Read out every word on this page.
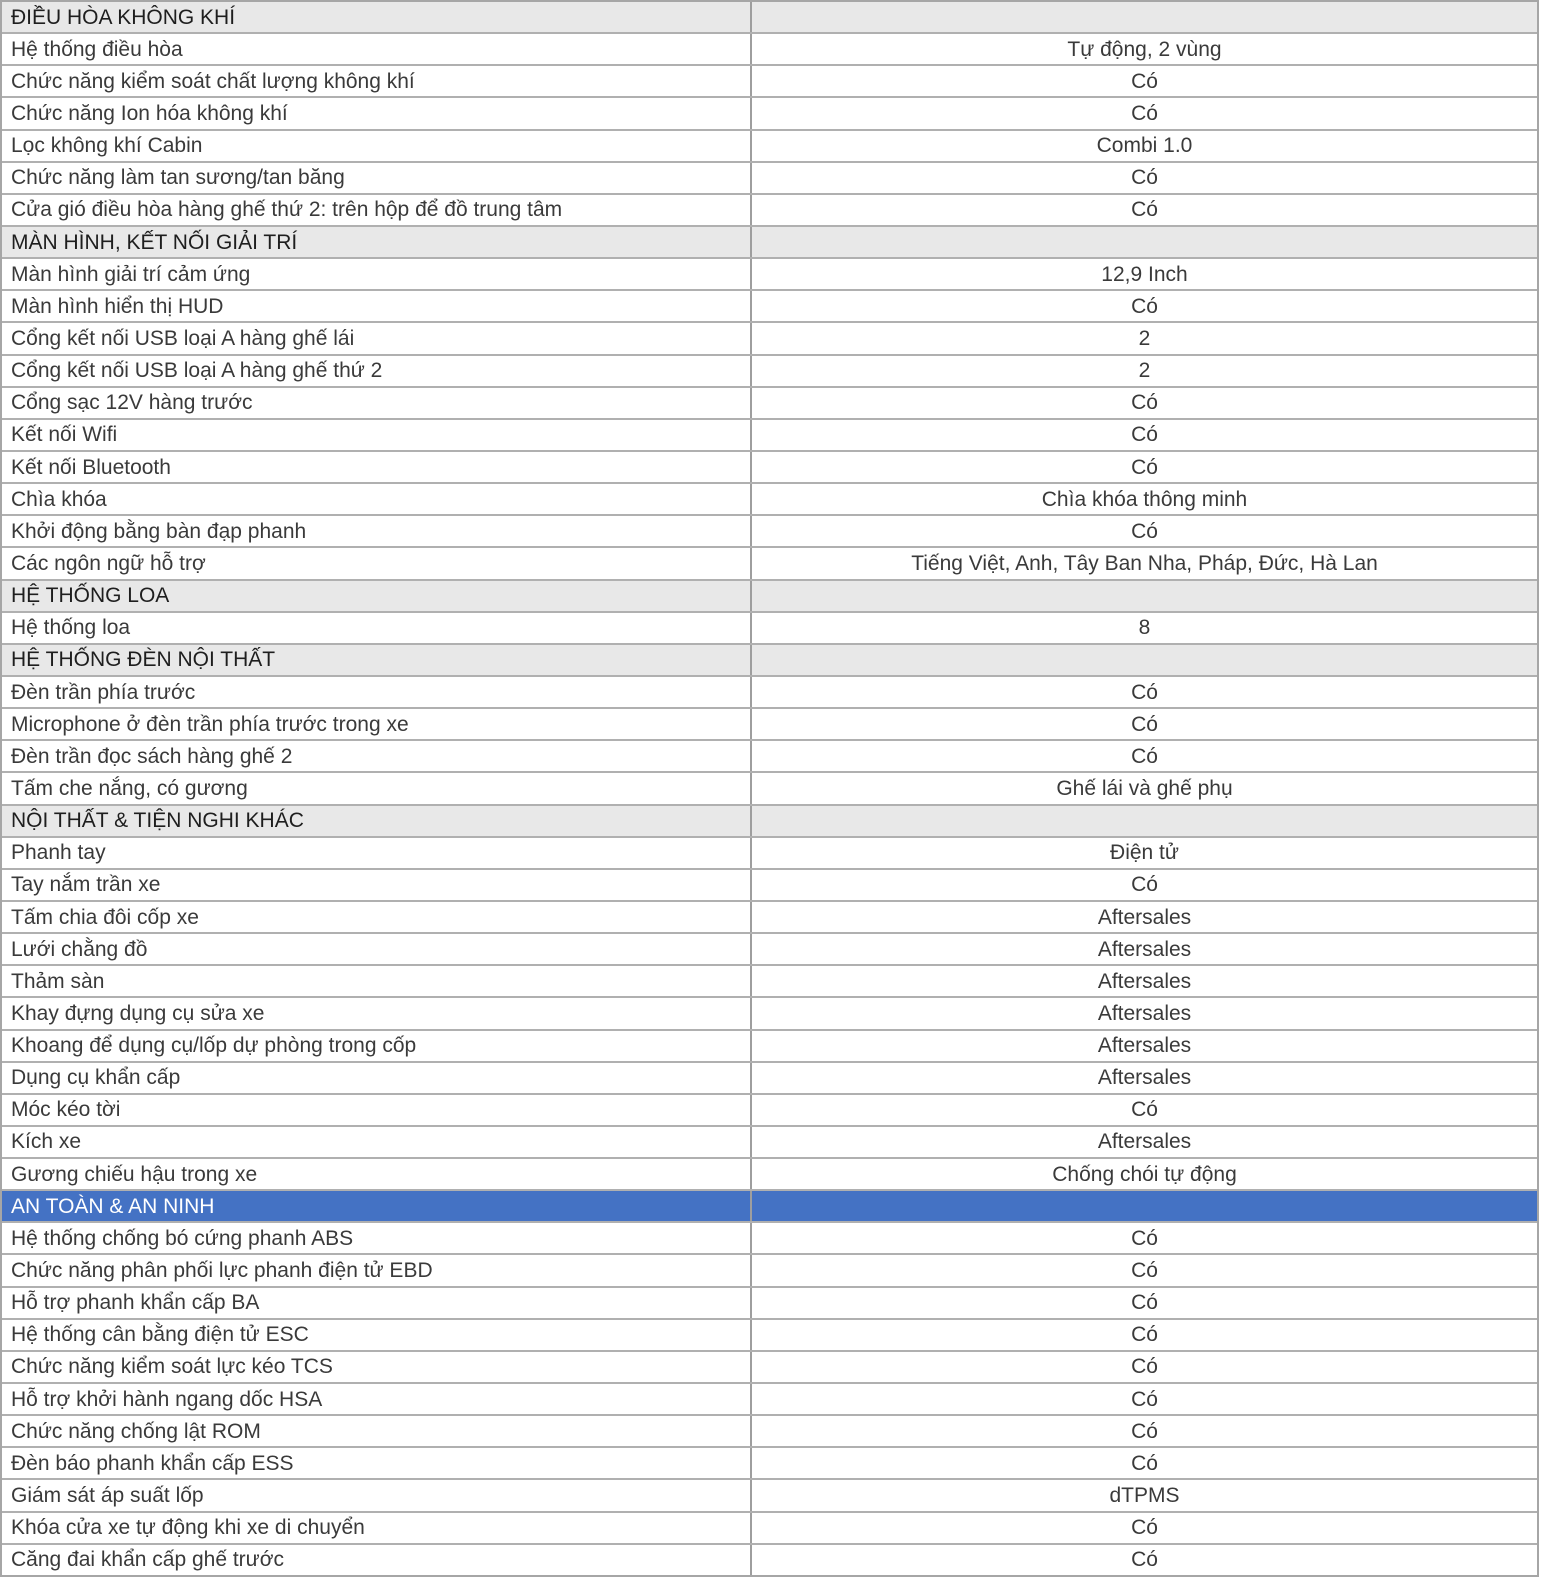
ĐIỀU HÒA KHÔNG KHÍ
Hệ thống điều hòa	Tự động, 2 vùng
Chức năng kiểm soát chất lượng không khí	Có
Chức năng Ion hóa không khí	Có
Lọc không khí Cabin	Combi 1.0
Chức năng làm tan sương/tan băng	Có
Cửa gió điều hòa hàng ghế thứ 2: trên hộp để đồ trung tâm	Có
MÀN HÌNH, KẾT NỐI GIẢI TRÍ
Màn hình giải trí cảm ứng	12,9 Inch
Màn hình hiển thị HUD	Có
Cổng kết nối USB loại A hàng ghế lái	2
Cổng kết nối USB loại A hàng ghế thứ 2	2
Cổng sạc 12V hàng trước	Có
Kết nối Wifi	Có
Kết nối Bluetooth	Có
Chìa khóa	Chìa khóa thông minh
Khởi động bằng bàn đạp phanh	Có
Các ngôn ngữ hỗ trợ	Tiếng Việt, Anh, Tây Ban Nha, Pháp, Đức, Hà Lan
HỆ THỐNG LOA
Hệ thống loa	8
HỆ THỐNG ĐÈN NỘI THẤT
Đèn trần phía trước	Có
Microphone ở đèn trần phía trước trong xe	Có
Đèn trần đọc sách hàng ghế 2	Có
Tấm che nắng, có gương	Ghế lái và ghế phụ
NỘI THẤT & TIỆN NGHI KHÁC
Phanh tay	Điện tử
Tay nắm trần xe	Có
Tấm chia đôi cốp xe	Aftersales
Lưới chằng đồ	Aftersales
Thảm sàn	Aftersales
Khay đựng dụng cụ sửa xe	Aftersales
Khoang để dụng cụ/lốp dự phòng trong cốp	Aftersales
Dụng cụ khẩn cấp	Aftersales
Móc kéo tời	Có
Kích xe	Aftersales
Gương chiếu hậu trong xe	Chống chói tự động
AN TOÀN & AN NINH
Hệ thống chống bó cứng phanh ABS	Có
Chức năng phân phối lực phanh điện tử EBD	Có
Hỗ trợ phanh khẩn cấp BA	Có
Hệ thống cân bằng điện tử ESC	Có
Chức năng kiểm soát lực kéo TCS	Có
Hỗ trợ khởi hành ngang dốc HSA	Có
Chức năng chống lật ROM	Có
Đèn báo phanh khẩn cấp ESS	Có
Giám sát áp suất lốp	dTPMS
Khóa cửa xe tự động khi xe di chuyển	Có
Căng đai khẩn cấp ghế trước	Có
